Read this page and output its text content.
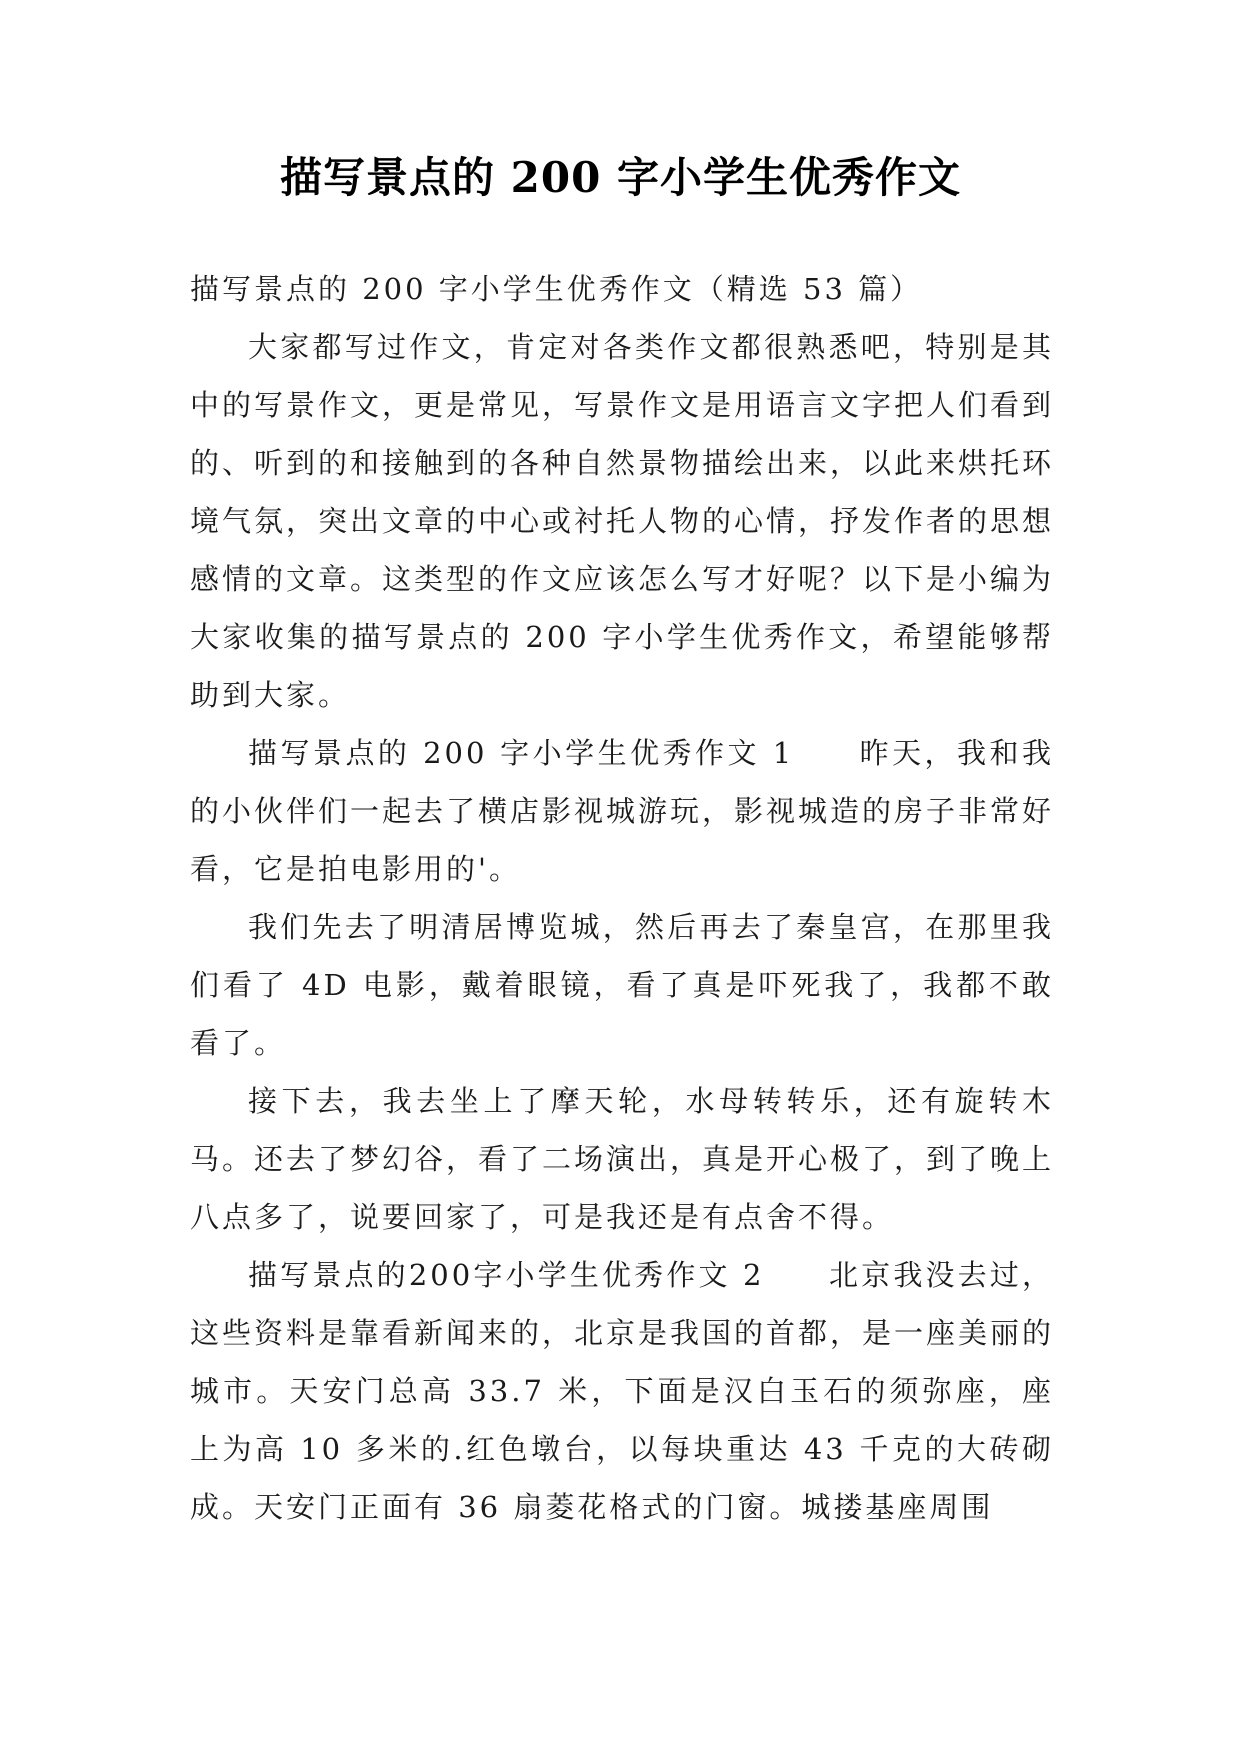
描写景点的 200 字小学生优秀作文

描写景点的 200 字小学生优秀作文（精选 53 篇）

大家都写过作文，肯定对各类作文都很熟悉吧，特别是其中的写景作文，更是常见，写景作文是用语言文字把人们看到的、听到的和接触到的各种自然景物描绘出来，以此来烘托环境气氛，突出文章的中心或衬托人物的心情，抒发作者的思想感情的文章。这类型的作文应该怎么写才好呢？以下是小编为大家收集的描写景点的 200 字小学生优秀作文，希望能够帮助到大家。

描写景点的 200 字小学生优秀作文 1　　昨天，我和我的小伙伴们一起去了横店影视城游玩，影视城造的房子非常好看，它是拍电影用的'。

我们先去了明清居博览城，然后再去了秦皇宫，在那里我们看了 4D 电影，戴着眼镜，看了真是吓死我了，我都不敢看了。

接下去，我去坐上了摩天轮，水母转转乐，还有旋转木马。还去了梦幻谷，看了二场演出，真是开心极了，到了晚上八点多了，说要回家了，可是我还是有点舍不得。

描写景点的200字小学生优秀作文 2　　北京我没去过，这些资料是靠看新闻来的，北京是我国的首都，是一座美丽的城市。天安门总高 33.7 米，下面是汉白玉石的须弥座，座上为高 10 多米的.红色墩台，以每块重达 43 千克的大砖砌成。天安门正面有 36 扇菱花格式的门窗。城搂基座周围
